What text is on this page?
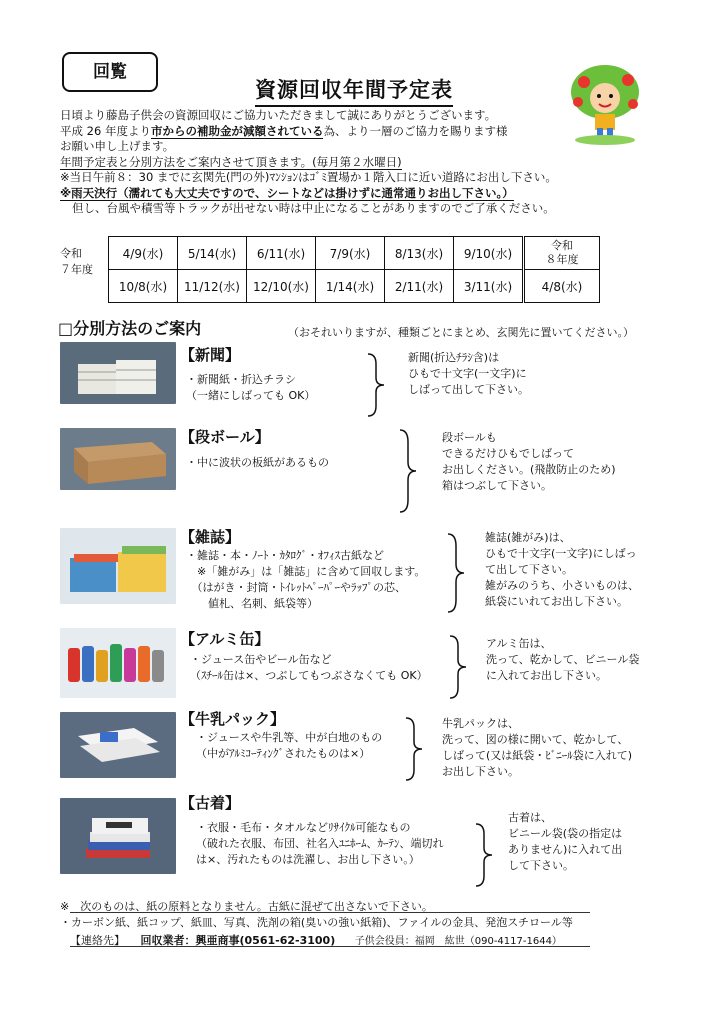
回覧
資源回収年間予定表
日頃より藤島子供会の資源回収にご協力いただきまして誠にありがとうございます。
平成 26 年度より市からの補助金が減額されている為、より一層のご協力を賜ります様
お願い申し上げます。
年間予定表と分別方法をご案内させて頂きます。(毎月第２水曜日)
※当日午前８：30 までに玄関先(門の外)ﾏﾝｼｮﾝはｺﾞﾐ置場か１階入口に近い道路にお出し下さい。
※雨天決行（濡れても大丈夫ですので、シートなどは掛けずに通常通りお出し下さい。）
但し、台風や積雪等トラックが出せない時は中止になることがありますのでご了承ください。
令和
７年度
4/9(水)	5/14(水)	6/11(水)	7/9(水)	8/13(水)	9/10(水)	令和
８年度

10/8(水)	11/12(水)	12/10(水)	1/14(水)	2/11(水)	3/11(水)	4/8(水)
□分別方法のご案内	（おそれいりますが、種類ごとにまとめ、玄関先に置いてください。）
【新聞】
・新聞紙・折込チラシ
（一緒にしばっても OK）
新聞(折込ﾁﾗｼ含)は
ひもで十文字(一文字)に
しばって出して下さい。
【段ボール】
・中に波状の板紙があるもの
段ボールも
できるだけひもでしばって
お出しください。(飛散防止のため)
箱はつぶして下さい。
【雑誌】
・雑誌・本・ﾉｰﾄ・ｶﾀﾛｸﾞ・ｵﾌｨｽ古紙など
　※「雑がみ」は「雑誌」に含めて回収します。
　（はがき・封筒・ﾄｲﾚｯﾄﾍﾟｰﾊﾟｰやﾗｯﾌﾟの芯、
　　値札、名刺、紙袋等）
雑誌(雑がみ)は、
ひもで十文字(一文字)にしばっ
て出して下さい。
雑がみのうち、小さいものは、
紙袋にいれてお出し下さい。
【アルミ缶】
・ジュース缶やビール缶など
（ｽﾁｰﾙ缶は×、つぶしてもつぶさなくても OK）
アルミ缶は、
洗って、乾かして、ビニール袋
に入れてお出し下さい。
【牛乳パック】
・ジュースや牛乳等、中が白地のもの
（中がｱﾙﾐｺｰﾃｨﾝｸﾞされたものは×）
牛乳パックは、
洗って、図の様に開いて、乾かして、
しばって(又は紙袋・ﾋﾞﾆｰﾙ袋に入れて)
お出し下さい。
【古着】
・衣服・毛布・タオルなどﾘｻｲｸﾙ可能なもの
（破れた衣服、布団、社名入ﾕﾆﾎｰﾑ、ｶｰﾃﾝ、端切れ
は×、汚れたものは洗濯し、お出し下さい。）
古着は、
ビニール袋(袋の指定は
ありません)に入れて出
して下さい。
※　次のものは、紙の原料となりません。古紙に混ぜて出さないで下さい。
・カーボン紙、紙コップ、紙皿、写真、洗剤の箱(臭いの強い紙箱)、ファイルの金具、発泡スチロール等
【連絡先】 回収業者：興亜商事(0561-62-3100) 子供会役員：福岡　紘世（090-4117-1644）
